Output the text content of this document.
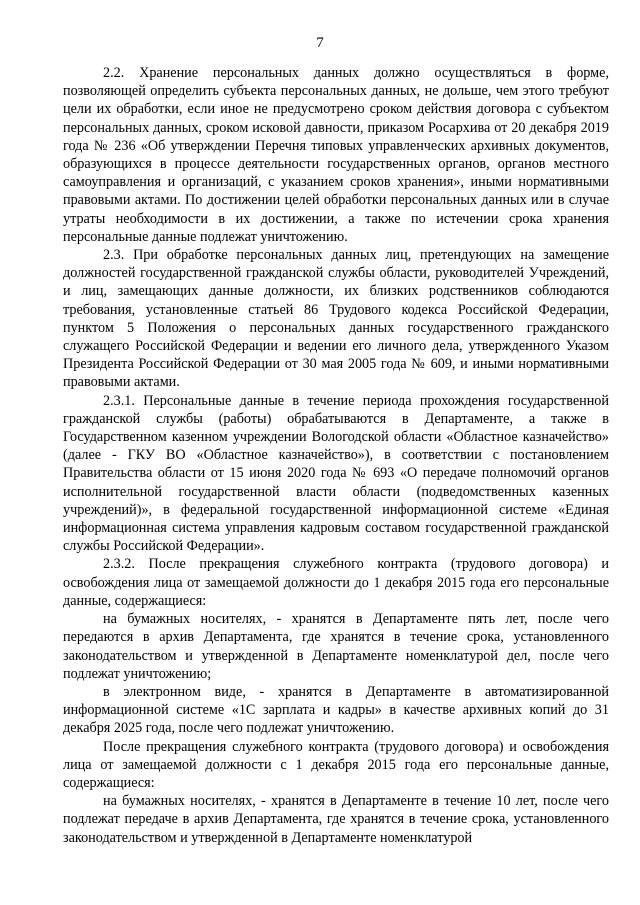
7

2.2. Хранение персональных данных должно осуществляться в форме, позволяющей определить субъекта персональных данных, не дольше, чем этого требуют цели их обработки, если иное не предусмотрено сроком действия договора с субъектом персональных данных, сроком исковой давности, приказом Росархива от 20 декабря 2019 года № 236 «Об утверждении Перечня типовых управленческих архивных документов, образующихся в процессе деятельности государственных органов, органов местного самоуправления и организаций, с указанием сроков хранения», иными нормативными правовыми актами. По достижении целей обработки персональных данных или в случае утраты необходимости в их достижении, а также по истечении срока хранения персональные данные подлежат уничтожению.

2.3. При обработке персональных данных лиц, претендующих на замещение должностей государственной гражданской службы области, руководителей Учреждений, и лиц, замещающих данные должности, их близких родственников соблюдаются требования, установленные статьей 86 Трудового кодекса Российской Федерации, пунктом 5 Положения о персональных данных государственного гражданского служащего Российской Федерации и ведении его личного дела, утвержденного Указом Президента Российской Федерации от 30 мая 2005 года № 609, и иными нормативными правовыми актами.

2.3.1. Персональные данные в течение периода прохождения государственной гражданской службы (работы) обрабатываются в Департаменте, а также в Государственном казенном учреждении Вологодской области «Областное казначейство» (далее - ГКУ ВО «Областное казначейство»), в соответствии с постановлением Правительства области от 15 июня 2020 года № 693 «О передаче полномочий органов исполнительной государственной власти области (подведомственных казенных учреждений)», в федеральной государственной информационной системе «Единая информационная система управления кадровым составом государственной гражданской службы Российской Федерации».

2.3.2. После прекращения служебного контракта (трудового договора) и освобождения лица от замещаемой должности до 1 декабря 2015 года его персональные данные, содержащиеся:

на бумажных носителях, - хранятся в Департаменте пять лет, после чего передаются в архив Департамента, где хранятся в течение срока, установленного законодательством и утвержденной в Департаменте номенклатурой дел, после чего подлежат уничтожению;

в электронном виде, - хранятся в Департаменте в автоматизированной информационной системе «1С зарплата и кадры» в качестве архивных копий до 31 декабря 2025 года, после чего подлежат уничтожению.

После прекращения служебного контракта (трудового договора) и освобождения лица от замещаемой должности с 1 декабря 2015 года его персональные данные, содержащиеся:

на бумажных носителях, - хранятся в Департаменте в течение 10 лет, после чего подлежат передаче в архив Департамента, где хранятся в течение срока, установленного законодательством и утвержденной в Департаменте номенклатурой
